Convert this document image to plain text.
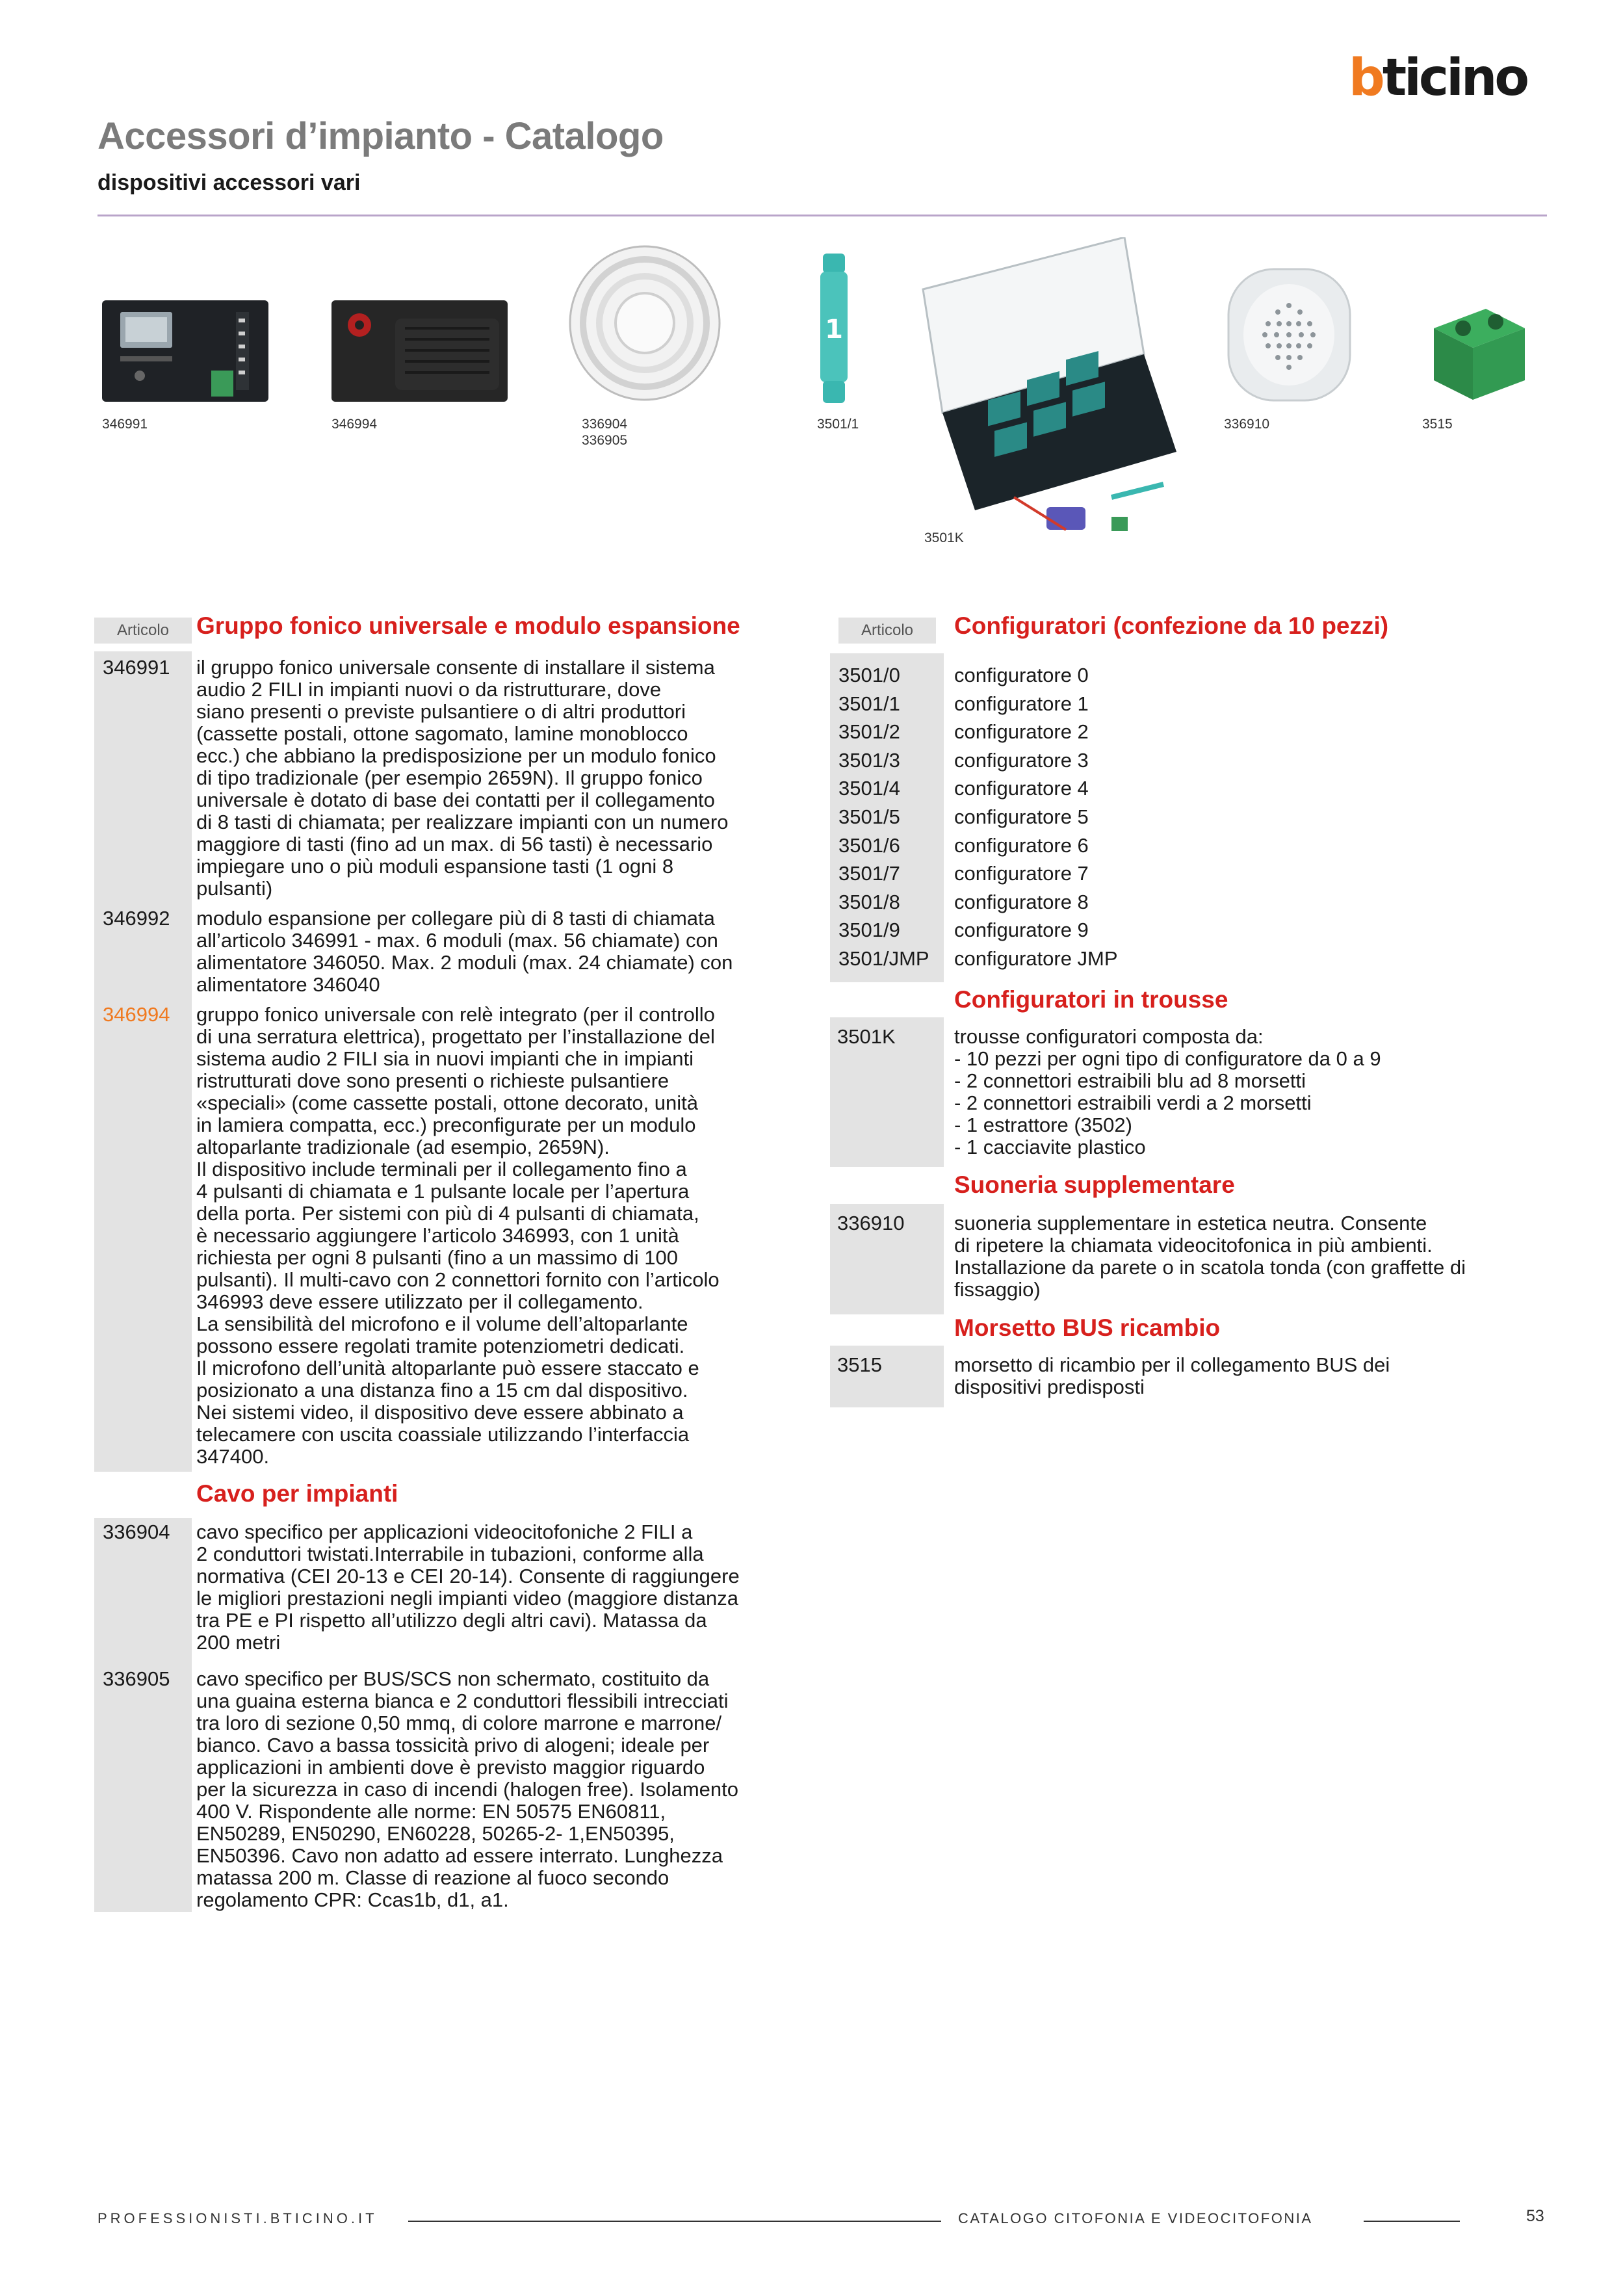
b ticino
Accessori d’impianto - Catalogo
dispositivi accessori vari
1
346991	346994	336904
336905
3501/1
3501K
336910	3515
Articolo	Gruppo fonico universale e modulo espansione
346991 il gruppo fonico universale consente di installare il sistema
audio 2 FILI in impianti nuovi o da ristrutturare, dove
siano presenti o previste pulsantiere o di altri produttori
(cassette postali, ottone sagomato, lamine monoblocco
ecc.) che abbiano la predisposizione per un modulo fonico
di tipo tradizionale (per esempio 2659N). Il gruppo fonico
universale è dotato di base dei contatti per il collegamento
di 8 tasti di chiamata; per realizzare impianti con un numero
maggiore di tasti (fino ad un max. di 56 tasti) è necessario
impiegare uno o più moduli espansione tasti (1 ogni 8
pulsanti)
346992 modulo espansione per collegare più di 8 tasti di chiamata
all’articolo 346991 - max. 6 moduli (max. 56 chiamate) con
alimentatore 346050. Max. 2 moduli (max. 24 chiamate) con
alimentatore 346040
346994 gruppo fonico universale con relè integrato (per il controllo
di una serratura elettrica), progettato per l’installazione del
sistema audio 2 FILI sia in nuovi impianti che in impianti
ristrutturati dove sono presenti o richieste pulsantiere
«speciali» (come cassette postali, ottone decorato, unità
in lamiera compatta, ecc.) preconfigurate per un modulo
altoparlante tradizionale (ad esempio, 2659N).
Il dispositivo include terminali per il collegamento fino a
4 pulsanti di chiamata e 1 pulsante locale per l’apertura
della porta. Per sistemi con più di 4 pulsanti di chiamata,
è necessario aggiungere l’articolo 346993, con 1 unità
richiesta per ogni 8 pulsanti (fino a un massimo di 100
pulsanti). Il multi-cavo con 2 connettori fornito con l’articolo
346993 deve essere utilizzato per il collegamento.
La sensibilità del microfono e il volume dell’altoparlante
possono essere regolati tramite potenziometri dedicati.
Il microfono dell’unità altoparlante può essere staccato e
posizionato a una distanza fino a 15 cm dal dispositivo.
Nei sistemi video, il dispositivo deve essere abbinato a
telecamere con uscita coassiale utilizzando l’interfaccia
347400.
Cavo per impianti
336904 cavo specifico per applicazioni videocitofoniche 2 FILI a
2 conduttori twistati.Interrabile in tubazioni, conforme alla
normativa (CEI 20-13 e CEI 20-14). Consente di raggiungere
le migliori prestazioni negli impianti video (maggiore distanza
tra PE e PI rispetto all’utilizzo degli altri cavi). Matassa da
200 metri
336905 cavo specifico per BUS/SCS non schermato, costituito da
una guaina esterna bianca e 2 conduttori flessibili intrecciati
tra loro di sezione 0,50 mmq, di colore marrone e marrone/
bianco. Cavo a bassa tossicità privo di alogeni; ideale per
applicazioni in ambienti dove è previsto maggior riguardo
per la sicurezza in caso di incendi (halogen free). Isolamento
400 V. Rispondente alle norme: EN 50575 EN60811,
EN50289, EN50290, EN60228, 50265-2- 1,EN50395,
EN50396. Cavo non adatto ad essere interrato. Lunghezza
matassa 200 m. Classe di reazione al fuoco secondo
regolamento CPR: Ccas1b, d1, a1.
Articolo	Configuratori (confezione da 10 pezzi)
3501/0	configuratore 0
3501/1	configuratore 1
3501/2	configuratore 2
3501/3	configuratore 3
3501/4	configuratore 4
3501/5	configuratore 5
3501/6	configuratore 6
3501/7	configuratore 7
3501/8	configuratore 8
3501/9	configuratore 9
3501/JMP configuratore JMP
Configuratori in trousse
3501K	trousse configuratori composta da:
- 10 pezzi per ogni tipo di configuratore da 0 a 9
- 2 connettori estraibili blu ad 8 morsetti
- 2 connettori estraibili verdi a 2 morsetti
- 1 estrattore (3502)
- 1 cacciavite plastico
Suoneria supplementare
336910 suoneria supplementare in estetica neutra. Consente
di ripetere la chiamata videocitofonica in più ambienti.
Installazione da parete o in scatola tonda (con graffette di
fissaggio)
Morsetto BUS ricambio
3515	morsetto di ricambio per il collegamento BUS dei
dispositivi predisposti
PROFESSIONISTI.BTICINO.IT	CATALOGO CITOFONIA E VIDEOCITOFONIA	53
